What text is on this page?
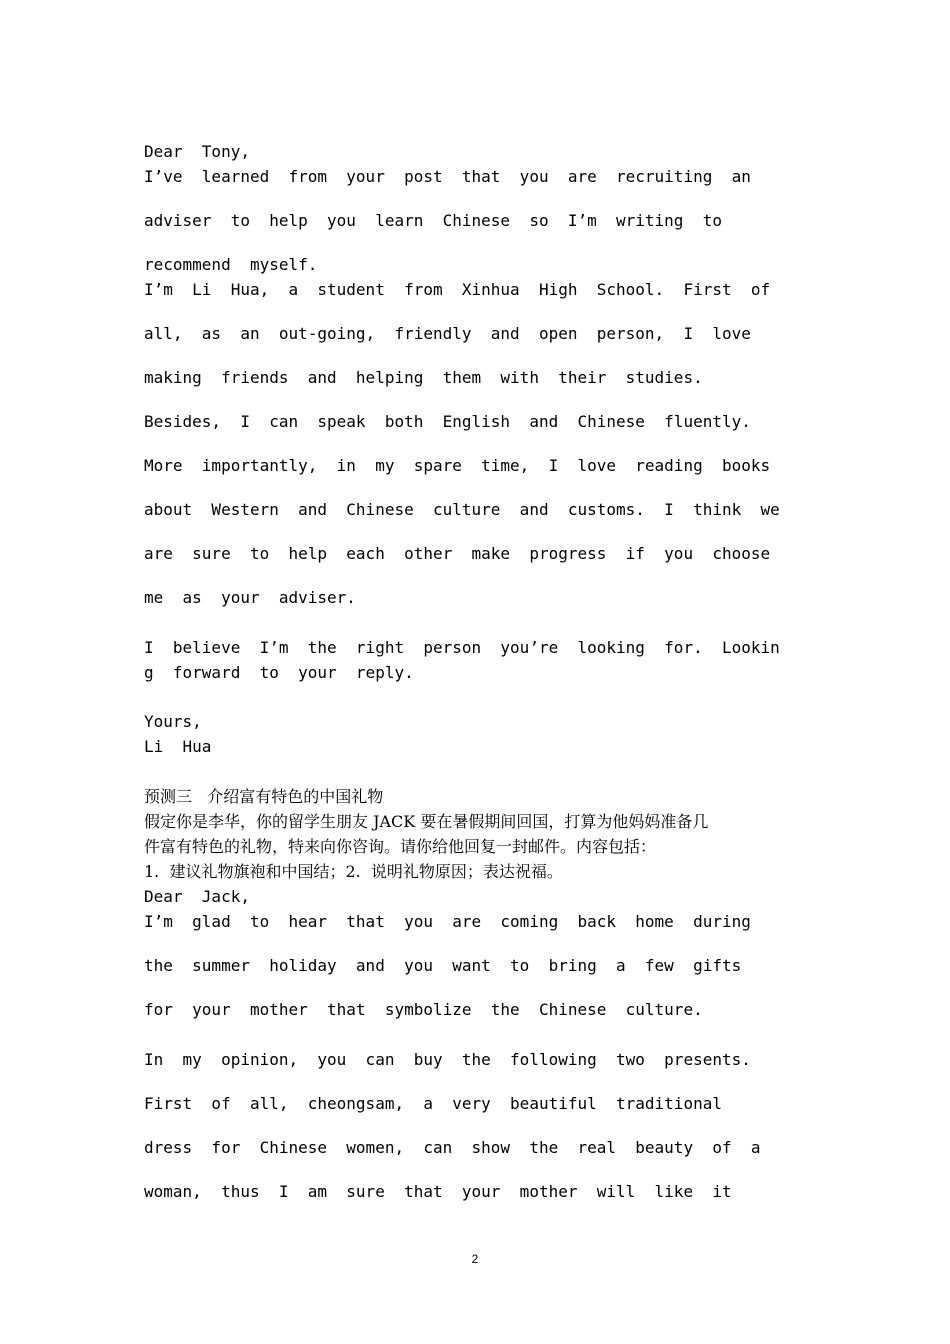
Dear  Tony,

I’ve  learned  from  your  post  that  you  are  recruiting  an

adviser  to  help  you  learn  Chinese  so  I’m  writing  to

recommend  myself.

I’m  Li  Hua,  a  student  from  Xinhua  High  School.  First  of

all,  as  an  out-going,  friendly  and  open  person,  I  love

making  friends  and  helping  them  with  their  studies.

Besides,  I  can  speak  both  English  and  Chinese  fluently.

More  importantly,  in  my  spare  time,  I  love  reading  books

about  Western  and  Chinese  culture  and  customs.  I  think  we

are  sure  to  help  each  other  make  progress  if  you  choose

me  as  your  adviser.

I  believe  I’m  the  right  person  you’re  looking  for.  Lookin

g  forward  to  your  reply.

Yours,

Li  Hua

预测三   介绍富有特色的中国礼物

假定你是李华，你的留学生朋友 JACK 要在暑假期间回国，打算为他妈妈准备几

件富有特色的礼物，特来向你咨询。请你给他回复一封邮件。内容包括：

1.  建议礼物旗袍和中国结；2.  说明礼物原因；表达祝福。

Dear  Jack,

I’m  glad  to  hear  that  you  are  coming  back  home  during

the  summer  holiday  and  you  want  to  bring  a  few  gifts

for  your  mother  that  symbolize  the  Chinese  culture.

In  my  opinion,  you  can  buy  the  following  two  presents.

First  of  all,  cheongsam,  a  very  beautiful  traditional

dress  for  Chinese  women,  can  show  the  real  beauty  of  a

woman,  thus  I  am  sure  that  your  mother  will  like  it

2
